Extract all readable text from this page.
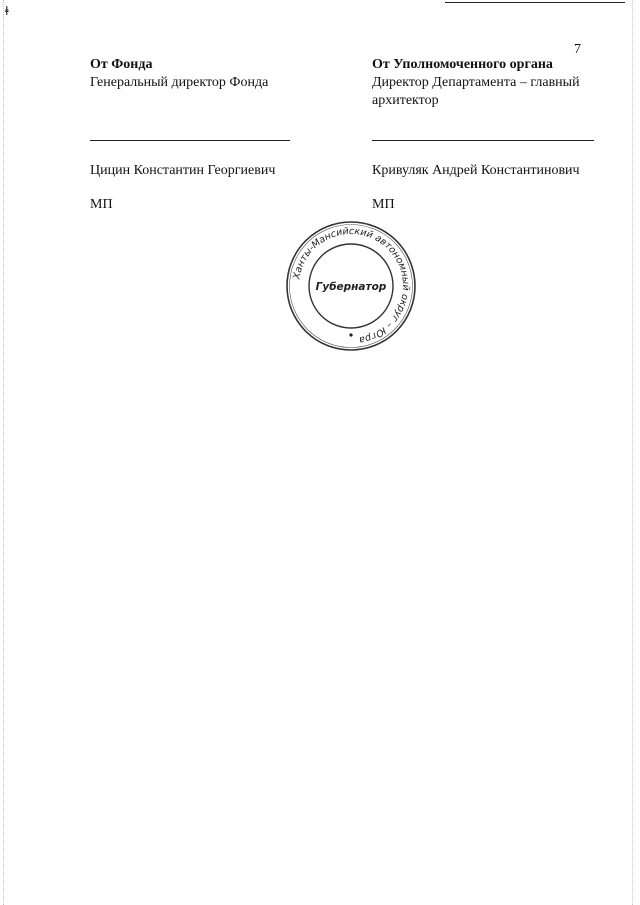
ǂ
7
От Фонда
Генеральный директор Фонда
От Уполномоченного органа
Директор Департамента – главный архитектор
Цицин Константин Георгиевич	Кривуляк Андрей Константинович
МП	МП
Ханты-Мансийский автономный округ – Югра
Губернатор
